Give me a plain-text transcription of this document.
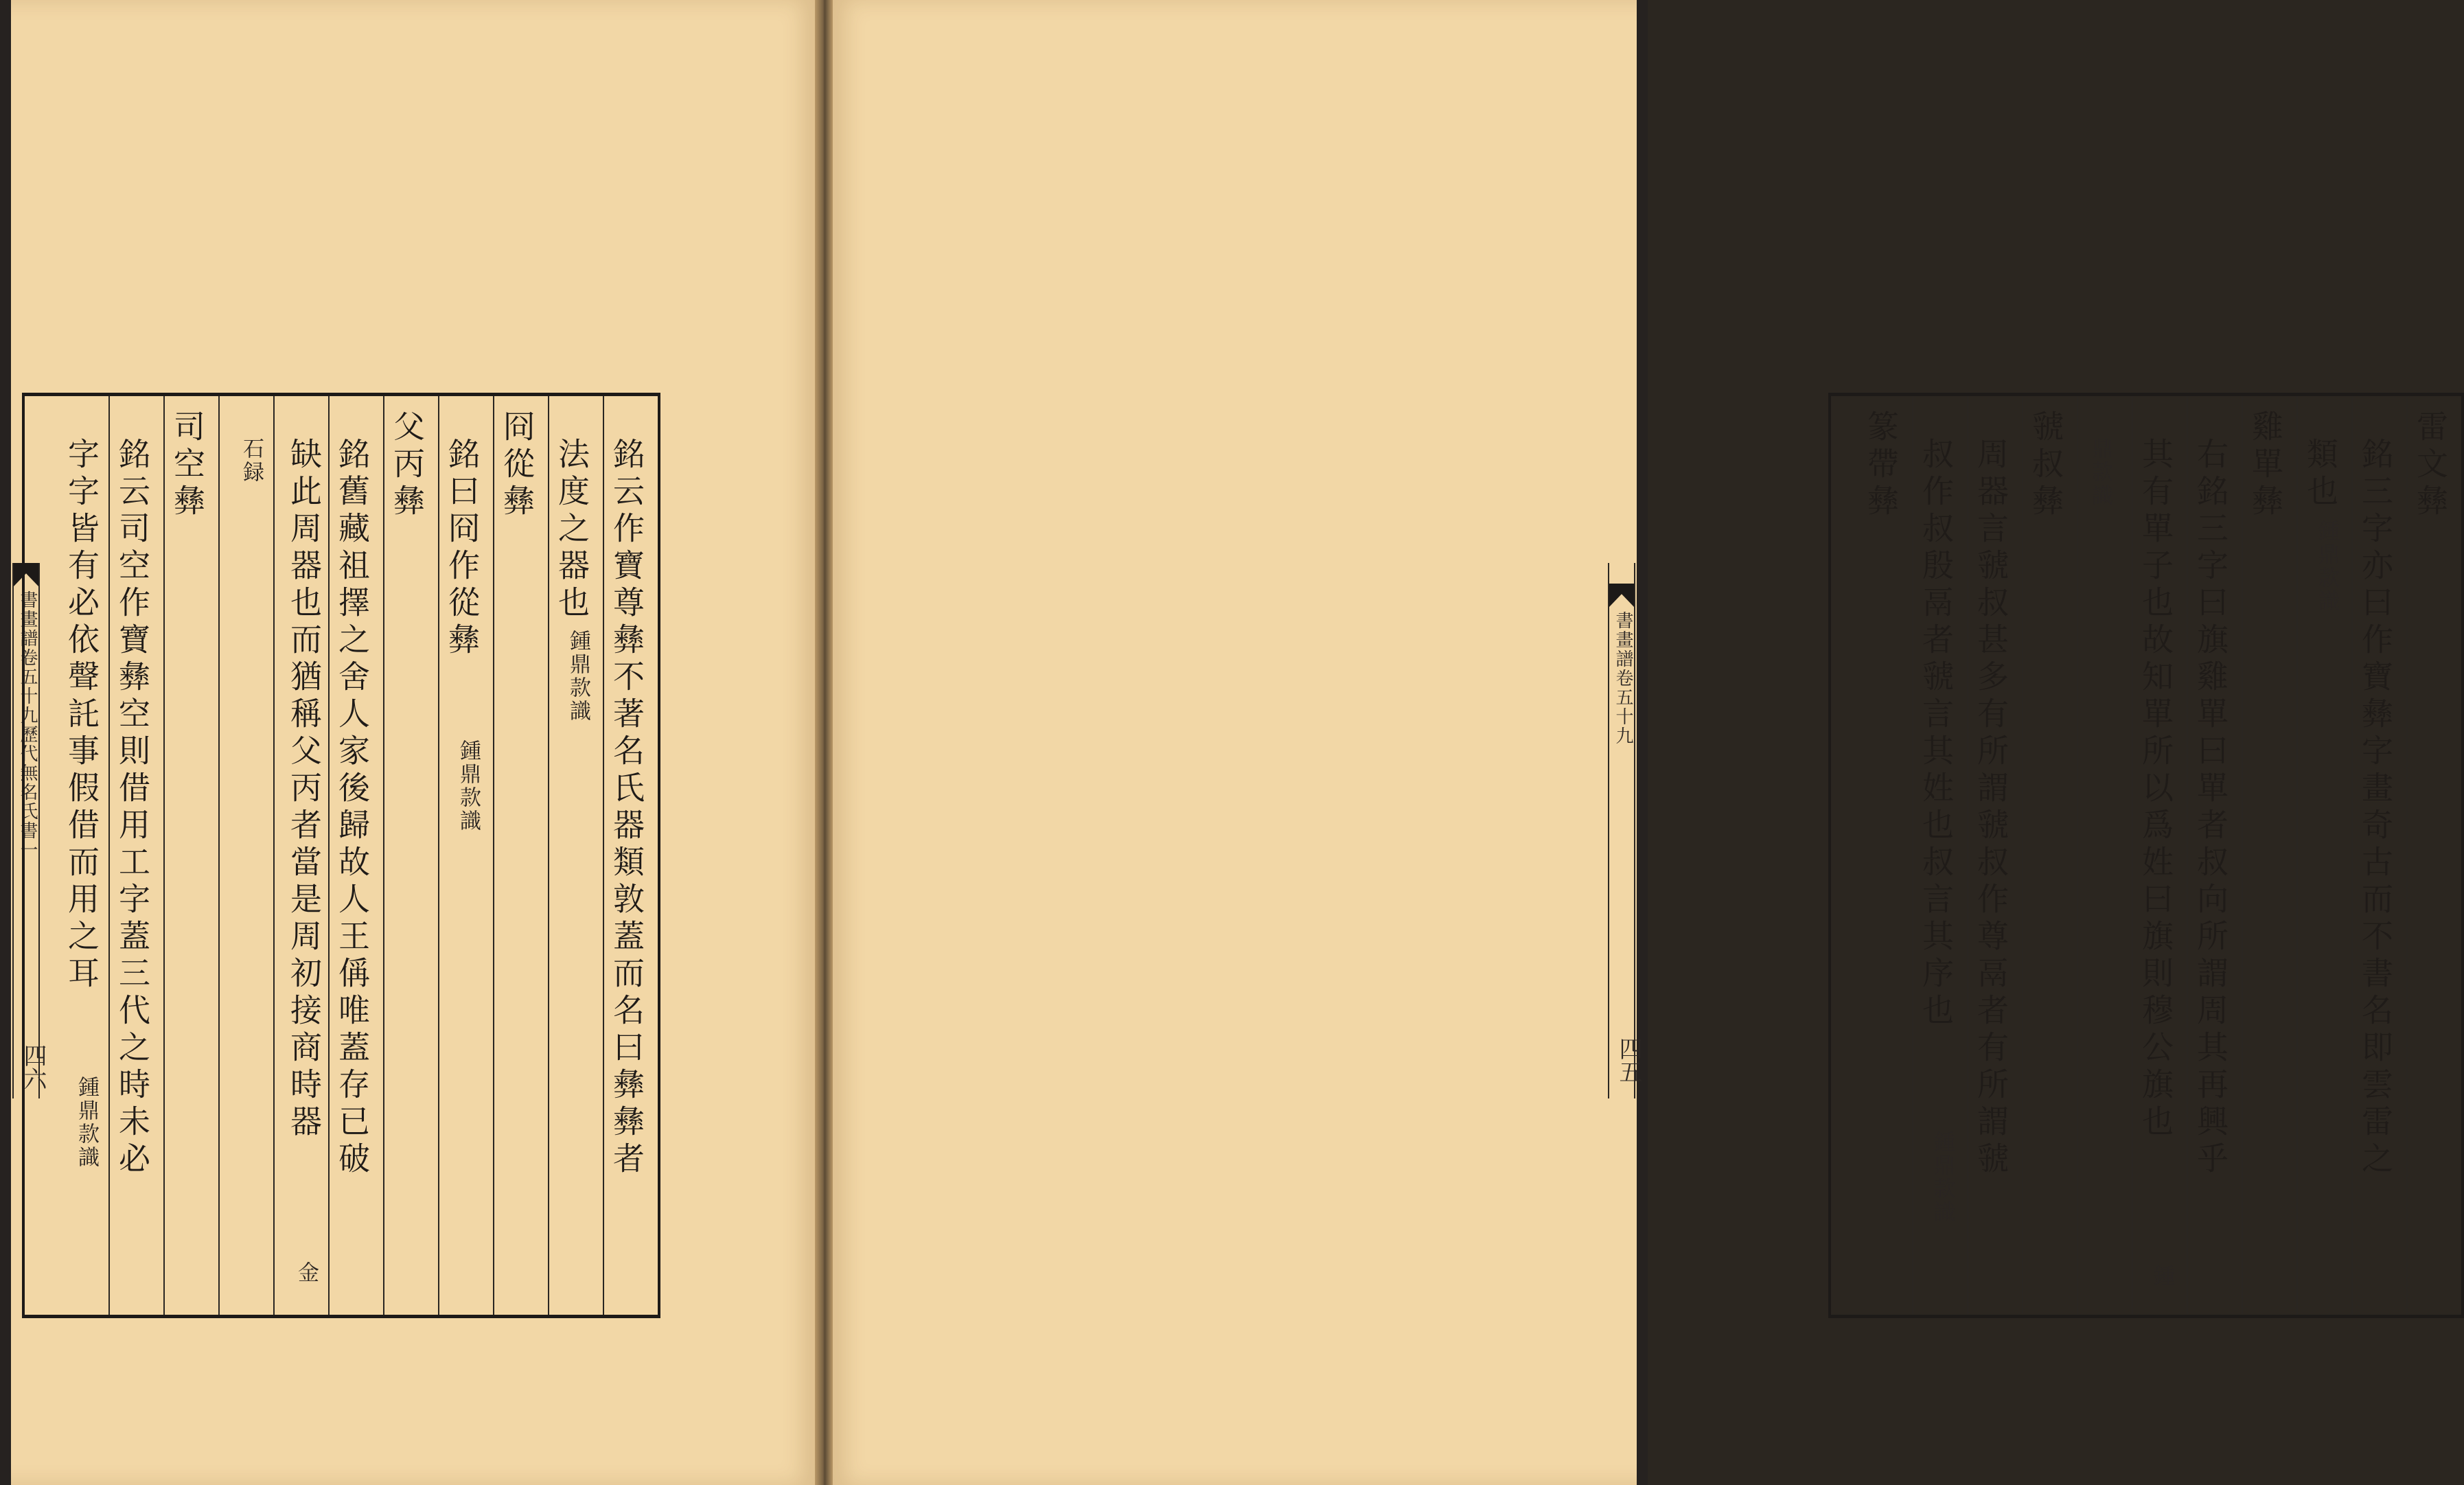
書畫譜卷五十九歷代無名氏書一
四六	銘云作寶尊彝不著名氏器類敦蓋而名曰彝彝者
法度之器也
鍾鼎款識
冏從彝
銘曰冏作從彝
鍾鼎款識
父丙彝
銘舊藏祖擇之舍人家後歸故人王偁唯蓋存已破
缺此周器也而猶稱父丙者當是周初接商時器
金
石録
司空彝
銘云司空作寶彝空則借用工字蓋三代之時未必
字字皆有必依聲託事假借而用之耳
鍾鼎款識
書畫譜卷五十九
四五
雷文彝
銘三字亦曰作寶彝字畫奇古而不書名即雲雷之
類也
鍾鼎款識
雞單彝
右銘三字曰旗雞單曰單者叔向所謂周其再興乎
其有單子也故知單所以爲姓曰旗則穆公旗也
鍾
鼎款識
虢叔彝
周器言虢叔甚多有所謂虢叔作尊鬲者有所謂虢
叔作叔殷鬲者虢言其姓也叔言其序也
鍾鼎款識
篆帶彝
